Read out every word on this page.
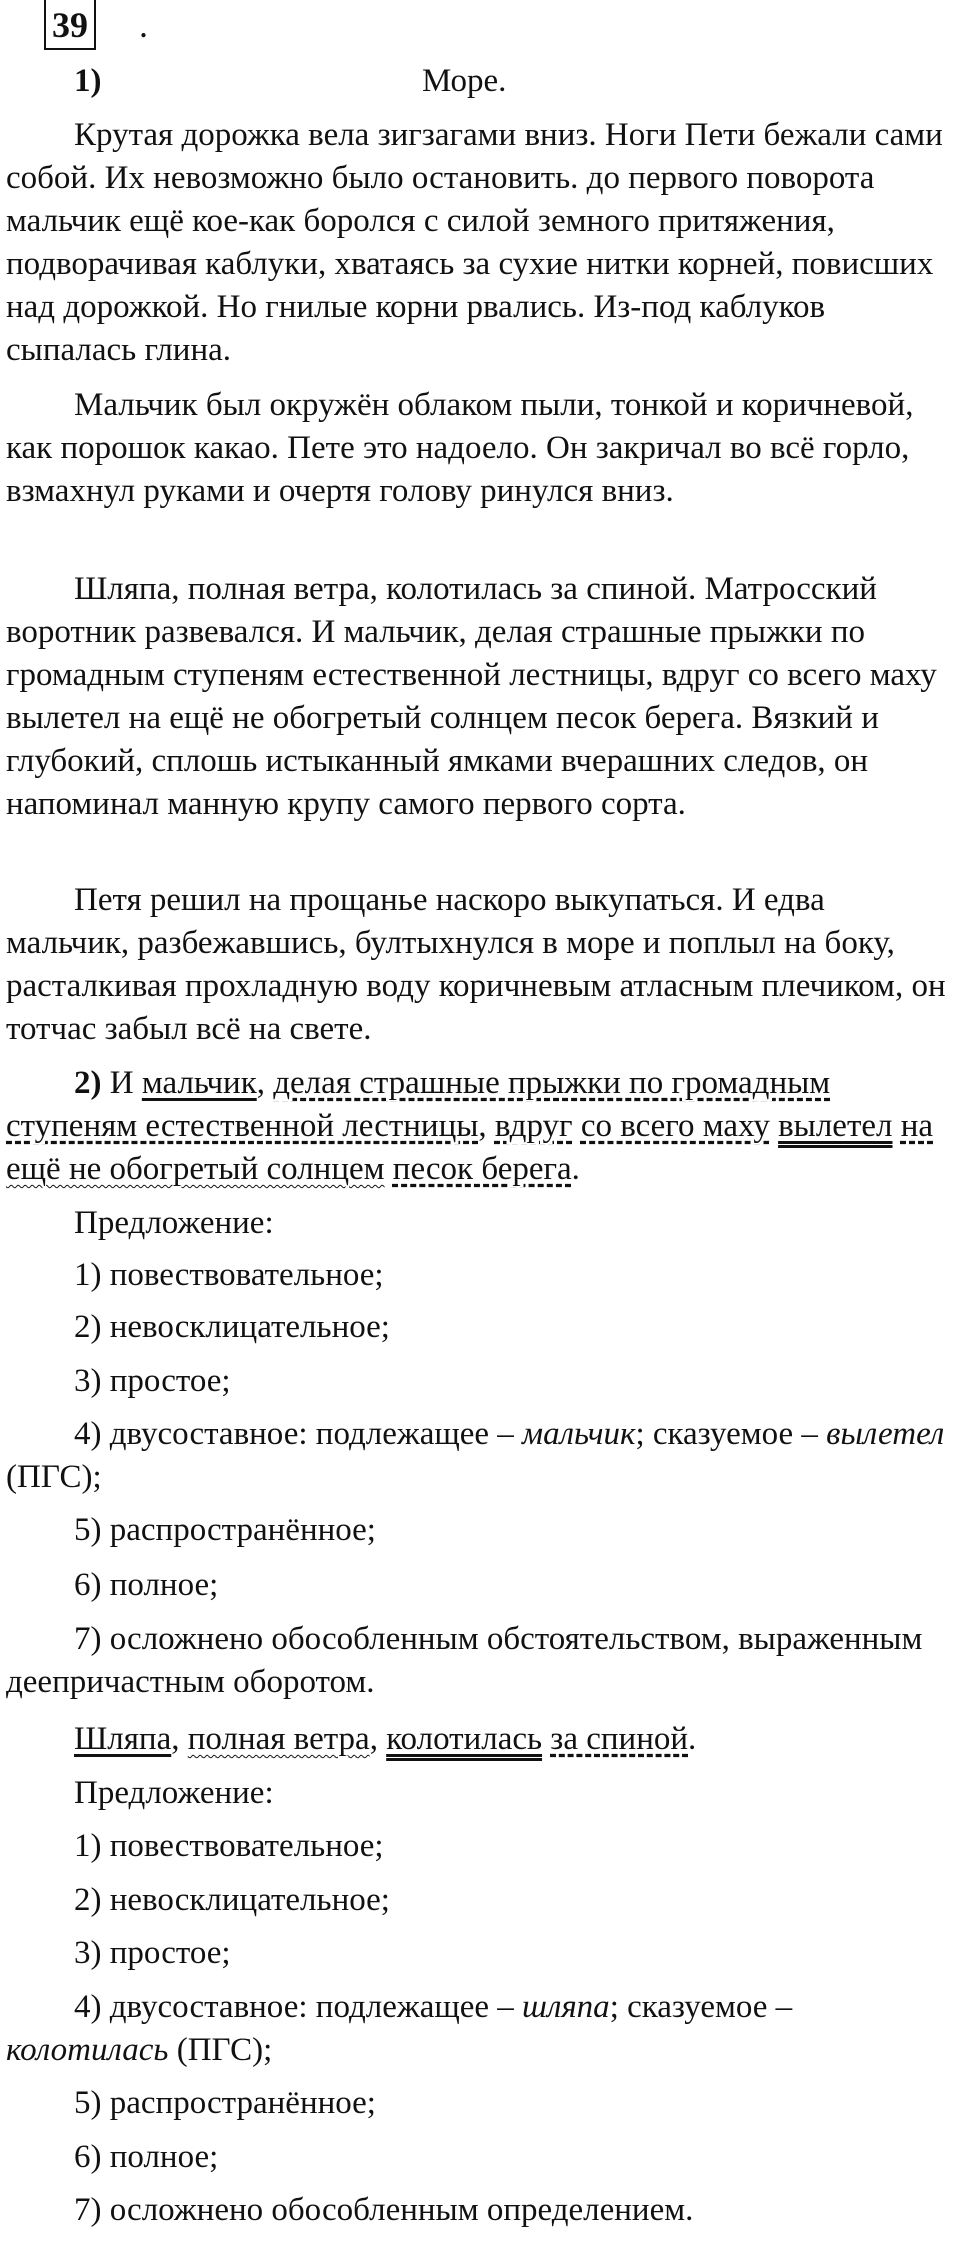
39 .
1)	Море.

Крутая дорожка вела зигзагами вниз. Ноги Пети бежали сами собой. Их невозможно было остановить. до первого поворота мальчик ещё кое-как боролся с силой земного притяжения, подворачивая каблуки, хватаясь за сухие нитки корней, повисших над дорожкой. Но гнилые корни рвались. Из-под каблуков сыпалась глина.

Мальчик был окружён облаком пыли, тонкой и коричневой, как порошок какао. Пете это надоело. Он закричал во всё горло, взмахнул руками и очертя голову ринулся вниз.

Шляпа, полная ветра, колотилась за спиной. Матросский воротник развевался. И мальчик, делая страшные прыжки по громадным ступеням естественной лестницы, вдруг со всего маху вылетел на ещё не обогретый солнцем песок берега. Вязкий и глубокий, сплошь истыканный ямками вчерашних следов, он напоминал манную крупу самого первого сорта.

Петя решил на прощанье наскоро выкупаться. И едва мальчик, разбежавшись, бултыхнулся в море и поплыл на боку, расталкивая прохладную воду коричневым атласным плечиком, он тотчас забыл всё на свете.

2) И мальчик, делая страшные прыжки по громадным ступеням естественной лестницы, вдруг со всего маху вылетел на ещё не обогретый солнцем песок берега.

Предложение:

1) повествовательное;

2) невосклицательное;

3) простое;

4) двусоставное: подлежащее – мальчик; сказуемое – вылетел (ПГС);

5) распространённое;

6) полное;

7) осложнено обособленным обстоятельством, выраженным деепричастным оборотом.

Шляпа, полная ветра, колотилась за спиной.

Предложение:

1) повествовательное;

2) невосклицательное;

3) простое;

4) двусоставное: подлежащее – шляпа; сказуемое – колотилась (ПГС);

5) распространённое;

6) полное;

7) осложнено обособленным определением.
